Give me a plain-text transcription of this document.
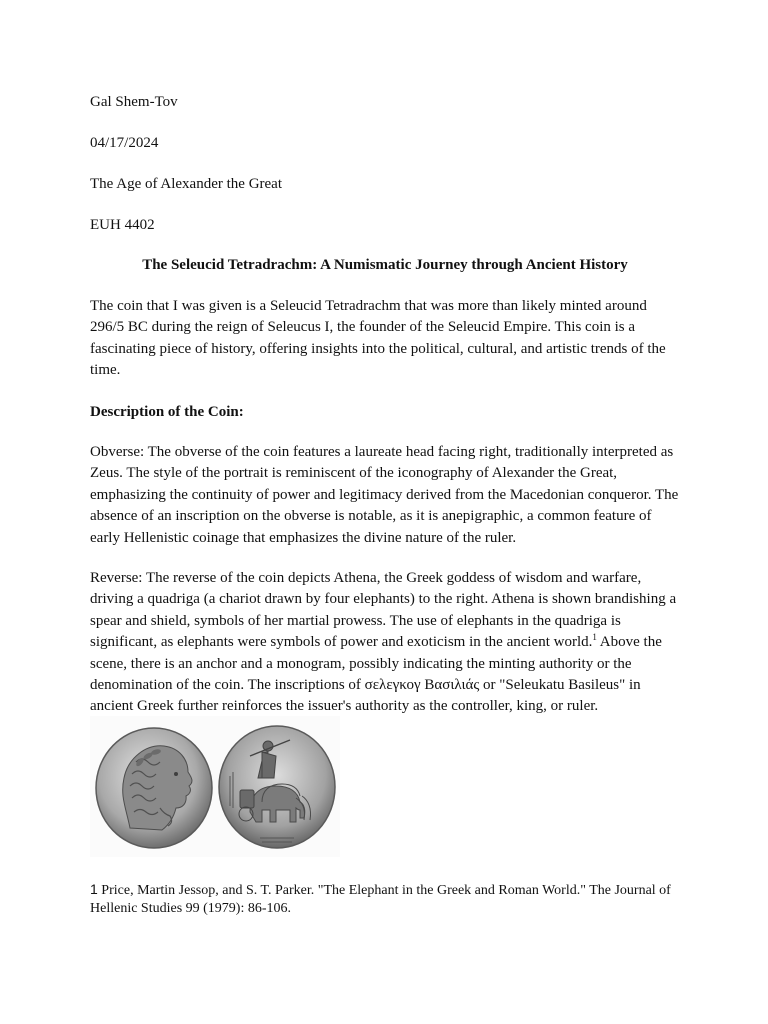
Gal Shem-Tov
04/17/2024
The Age of Alexander the Great
EUH 4402
The Seleucid Tetradrachm: A Numismatic Journey through Ancient History

The coin that I was given is a Seleucid Tetradrachm that was more than likely minted around 296/5 BC during the reign of Seleucus I, the founder of the Seleucid Empire. This coin is a fascinating piece of history, offering insights into the political, cultural, and artistic trends of the time.

Description of the Coin:

Obverse: The obverse of the coin features a laureate head facing right, traditionally interpreted as Zeus. The style of the portrait is reminiscent of the iconography of Alexander the Great, emphasizing the continuity of power and legitimacy derived from the Macedonian conqueror. The absence of an inscription on the obverse is notable, as it is anepigraphic, a common feature of early Hellenistic coinage that emphasizes the divine nature of the ruler.

Reverse: The reverse of the coin depicts Athena, the Greek goddess of wisdom and warfare, driving a quadriga (a chariot drawn by four elephants) to the right. Athena is shown brandishing a spear and shield, symbols of her martial prowess. The use of elephants in the quadriga is significant, as elephants were symbols of power and exoticism in the ancient world.$^1$ Above the scene, there is an anchor and a monogram, possibly indicating the minting authority or the denomination of the coin. The inscriptions of σελεγκογ Βασιλιάς or "Seleukatu Basileus" in ancient Greek further reinforces the issuer's authority as the controller, king, or ruler.

1 Price, Martin Jessop, and S. T. Parker. "The Elephant in the Greek and Roman World." The Journal of Hellenic Studies 99 (1979): 86-106.
